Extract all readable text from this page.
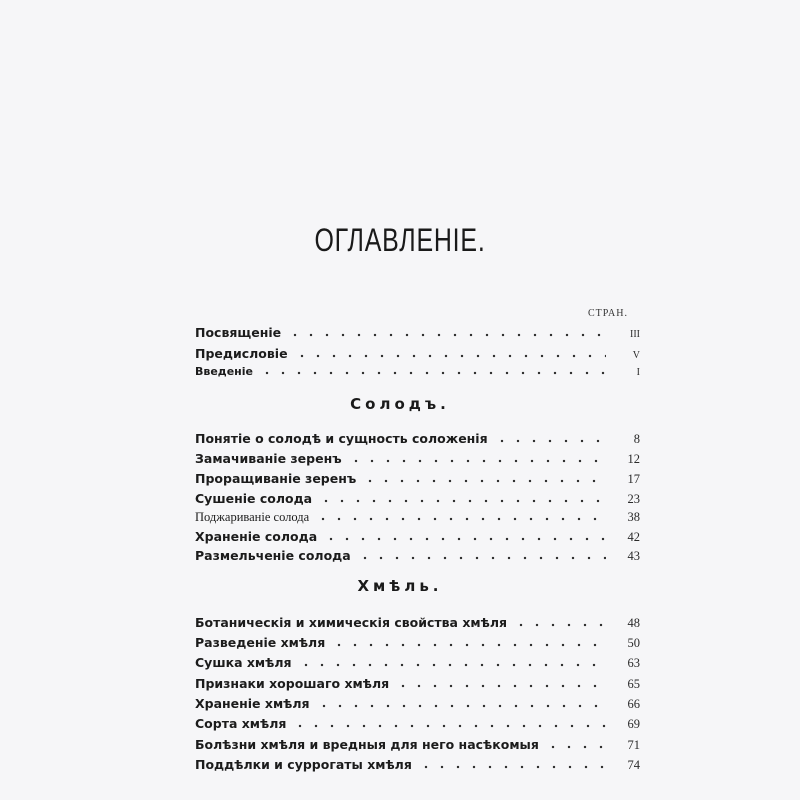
ОГЛАВЛЕНІЕ.
СТРАН.
Посвященіе	III
Предисловіе	V
Введеніе	I
Солодъ.
Понятіе о солодѣ и сущность соложенія	8
Замачиваніе зеренъ	12
Проращиваніе зеренъ	17
Сушеніе солода	23
Поджариваніе солода	38
Храненіе солода	42
Размельченіе солода	43
Хмѣль.
Ботаническія и химическія свойства хмѣля	48
Разведеніе хмѣля	50
Сушка хмѣля	63
Признаки хорошаго хмѣля	65
Храненіе хмѣля	66
Сорта хмѣля	69
Болѣзни хмѣля и вредныя для него насѣкомыя	71
Поддѣлки и суррогаты хмѣля	74
